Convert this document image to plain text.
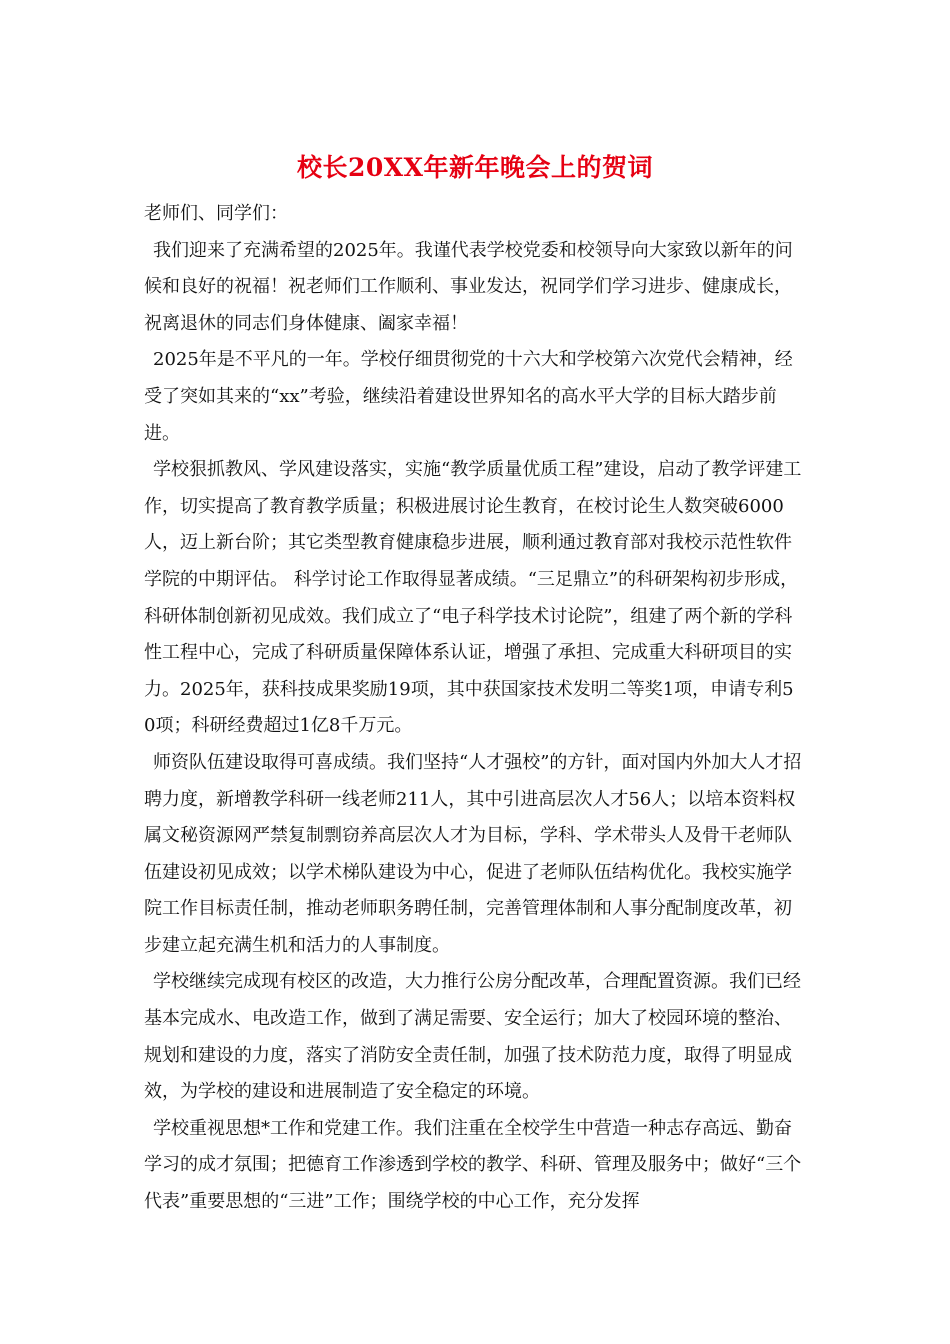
校长20XX年新年晚会上的贺词

老师们、同学们：

我们迎来了充满希望的2025年。我谨代表学校党委和校领导向大家致以新年的问候和良好的祝福！祝老师们工作顺利、事业发达，祝同学们学习进步、健康成长，祝离退休的同志们身体健康、阖家幸福！

2025年是不平凡的一年。学校仔细贯彻党的十六大和学校第六次党代会精神，经受了突如其来的“xx”考验，继续沿着建设世界知名的高水平大学的目标大踏步前进。

学校狠抓教风、学风建设落实，实施“教学质量优质工程”建设，启动了教学评建工作，切实提高了教育教学质量；积极进展讨论生教育，在校讨论生人数突破6000人，迈上新台阶；其它类型教育健康稳步进展，顺利通过教育部对我校示范性软件学院的中期评估。 科学讨论工作取得显著成绩。“三足鼎立”的科研架构初步形成，科研体制创新初见成效。我们成立了“电子科学技术讨论院”，组建了两个新的学科性工程中心，完成了科研质量保障体系认证，增强了承担、完成重大科研项目的实力。2025年，获科技成果奖励19项，其中获国家技术发明二等奖1项，申请专利50项；科研经费超过1亿8千万元。

师资队伍建设取得可喜成绩。我们坚持“人才强校”的方针，面对国内外加大人才招聘力度，新增教学科研一线老师211人，其中引进高层次人才56人；以培本资料权属文秘资源网严禁复制剽窃养高层次人才为目标，学科、学术带头人及骨干老师队伍建设初见成效；以学术梯队建设为中心，促进了老师队伍结构优化。我校实施学院工作目标责任制，推动老师职务聘任制，完善管理体制和人事分配制度改革，初步建立起充满生机和活力的人事制度。

学校继续完成现有校区的改造，大力推行公房分配改革，合理配置资源。我们已经基本完成水、电改造工作，做到了满足需要、安全运行；加大了校园环境的整治、规划和建设的力度，落实了消防安全责任制，加强了技术防范力度，取得了明显成效，为学校的建设和进展制造了安全稳定的环境。

学校重视思想*工作和党建工作。我们注重在全校学生中营造一种志存高远、勤奋学习的成才氛围；把德育工作渗透到学校的教学、科研、管理及服务中；做好“三个代表”重要思想的“三进”工作；围绕学校的中心工作，充分发挥
